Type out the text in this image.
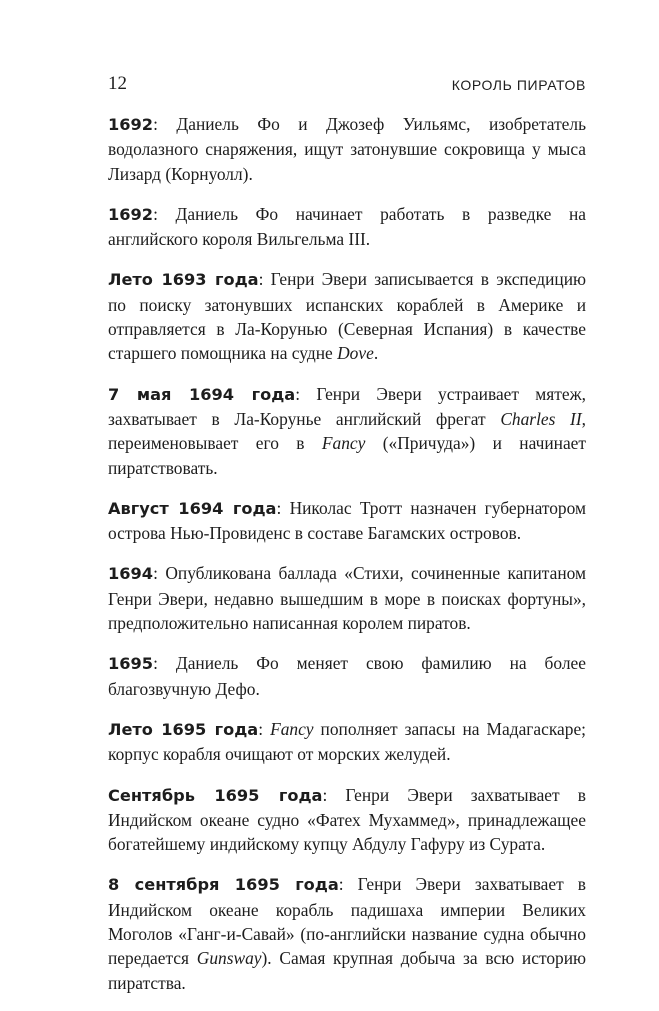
12	КОРОЛЬ ПИРАТОВ

1692: Даниель Фо и Джозеф Уильямс, изобретатель водолазного снаряжения, ищут затонувшие сокровища у мыса Лизард (Корнуолл).

1692: Даниель Фо начинает работать в разведке на английского короля Вильгельма III.

Лето 1693 года: Генри Эвери записывается в экспедицию по поиску затонувших испанских кораблей в Америке и отправляется в Ла-Корунью (Северная Испания) в качестве старшего помощника на судне Dove.

7 мая 1694 года: Генри Эвери устраивает мятеж, захватывает в Ла-Корунье английский фрегат Charles II, переименовывает его в Fancy («Причуда») и начинает пиратствовать.

Август 1694 года: Николас Тротт назначен губернатором острова Нью-Провиденс в составе Багамских островов.

1694: Опубликована баллада «Стихи, сочиненные капитаном Генри Эвери, недавно вышедшим в море в поисках фортуны», предположительно написанная королем пиратов.

1695: Даниель Фо меняет свою фамилию на более благозвучную Дефо.

Лето 1695 года: Fancy пополняет запасы на Мадагаскаре; корпус корабля очищают от морских желудей.

Сентябрь 1695 года: Генри Эвери захватывает в Индийском океане судно «Фатех Мухаммед», принадлежащее богатейшему индийскому купцу Абдулу Гафуру из Сурата.

8 сентября 1695 года: Генри Эвери захватывает в Индийском океане корабль падишаха империи Великих Моголов «Ганг-и-Савай» (по-английски название судна обычно передается Gunsway). Самая крупная добыча за всю историю пиратства.
